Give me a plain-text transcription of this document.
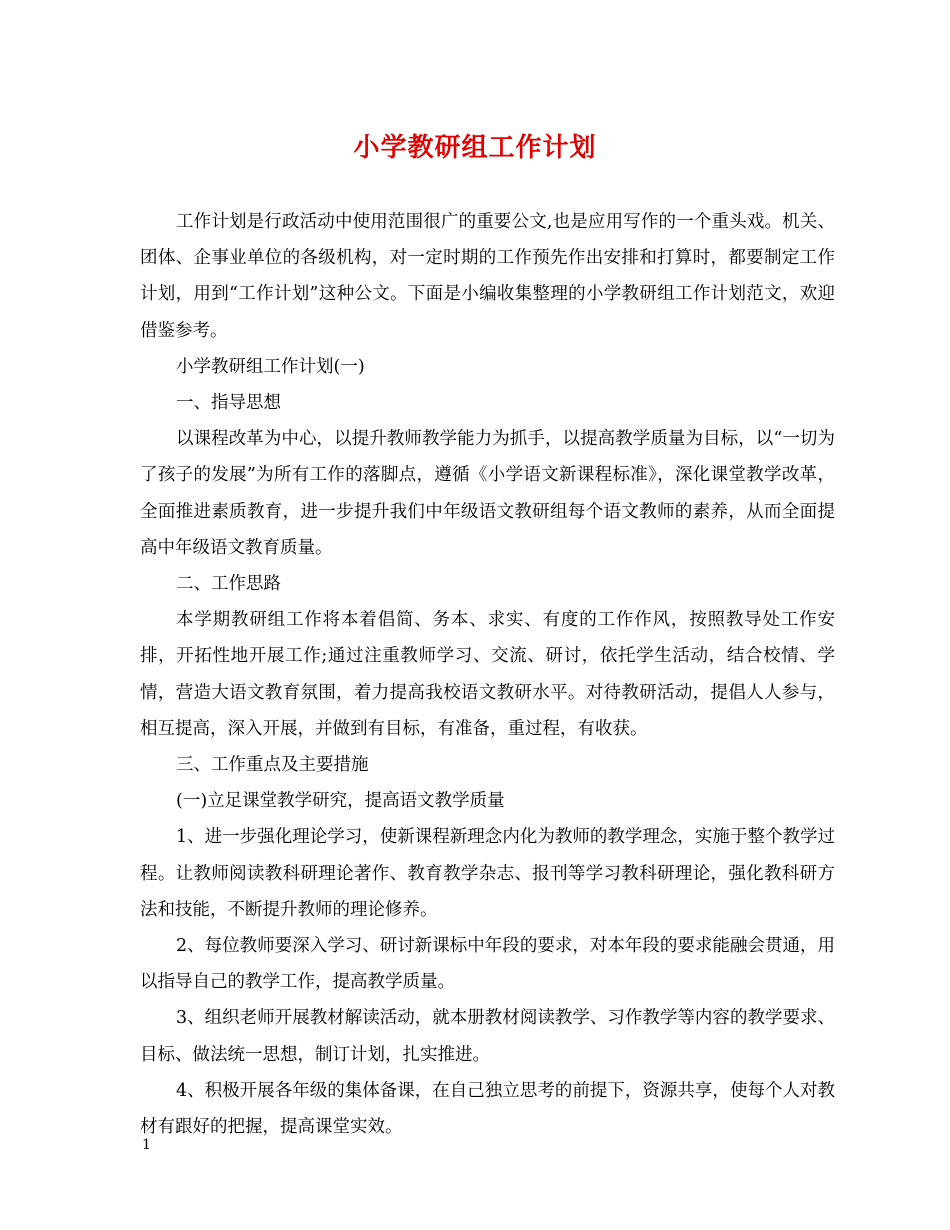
小学教研组工作计划

工作计划是行政活动中使用范围很广的重要公文,也是应用写作的一个重头戏。机关、团体、企事业单位的各级机构，对一定时期的工作预先作出安排和打算时，都要制定工作计划，用到“工作计划”这种公文。下面是小编收集整理的小学教研组工作计划范文，欢迎借鉴参考。

小学教研组工作计划(一)

一、指导思想

以课程改革为中心，以提升教师教学能力为抓手，以提高教学质量为目标，以“一切为了孩子的发展”为所有工作的落脚点，遵循《小学语文新课程标准》，深化课堂教学改革，全面推进素质教育，进一步提升我们中年级语文教研组每个语文教师的素养，从而全面提高中年级语文教育质量。

二、工作思路

本学期教研组工作将本着倡简、务本、求实、有度的工作作风，按照教导处工作安排，开拓性地开展工作;通过注重教师学习、交流、研讨，依托学生活动，结合校情、学情，营造大语文教育氛围，着力提高我校语文教研水平。对待教研活动，提倡人人参与，相互提高，深入开展，并做到有目标，有准备，重过程，有收获。

三、工作重点及主要措施

(一)立足课堂教学研究，提高语文教学质量

1、进一步强化理论学习，使新课程新理念内化为教师的教学理念，实施于整个教学过程。让教师阅读教科研理论著作、教育教学杂志、报刊等学习教科研理论，强化教科研方法和技能，不断提升教师的理论修养。

2、每位教师要深入学习、研讨新课标中年段的要求，对本年段的要求能融会贯通，用以指导自己的教学工作，提高教学质量。

3、组织老师开展教材解读活动，就本册教材阅读教学、习作教学等内容的教学要求、目标、做法统一思想，制订计划，扎实推进。

4、积极开展各年级的集体备课，在自己独立思考的前提下，资源共享，使每个人对教材有跟好的把握，提高课堂实效。

1
